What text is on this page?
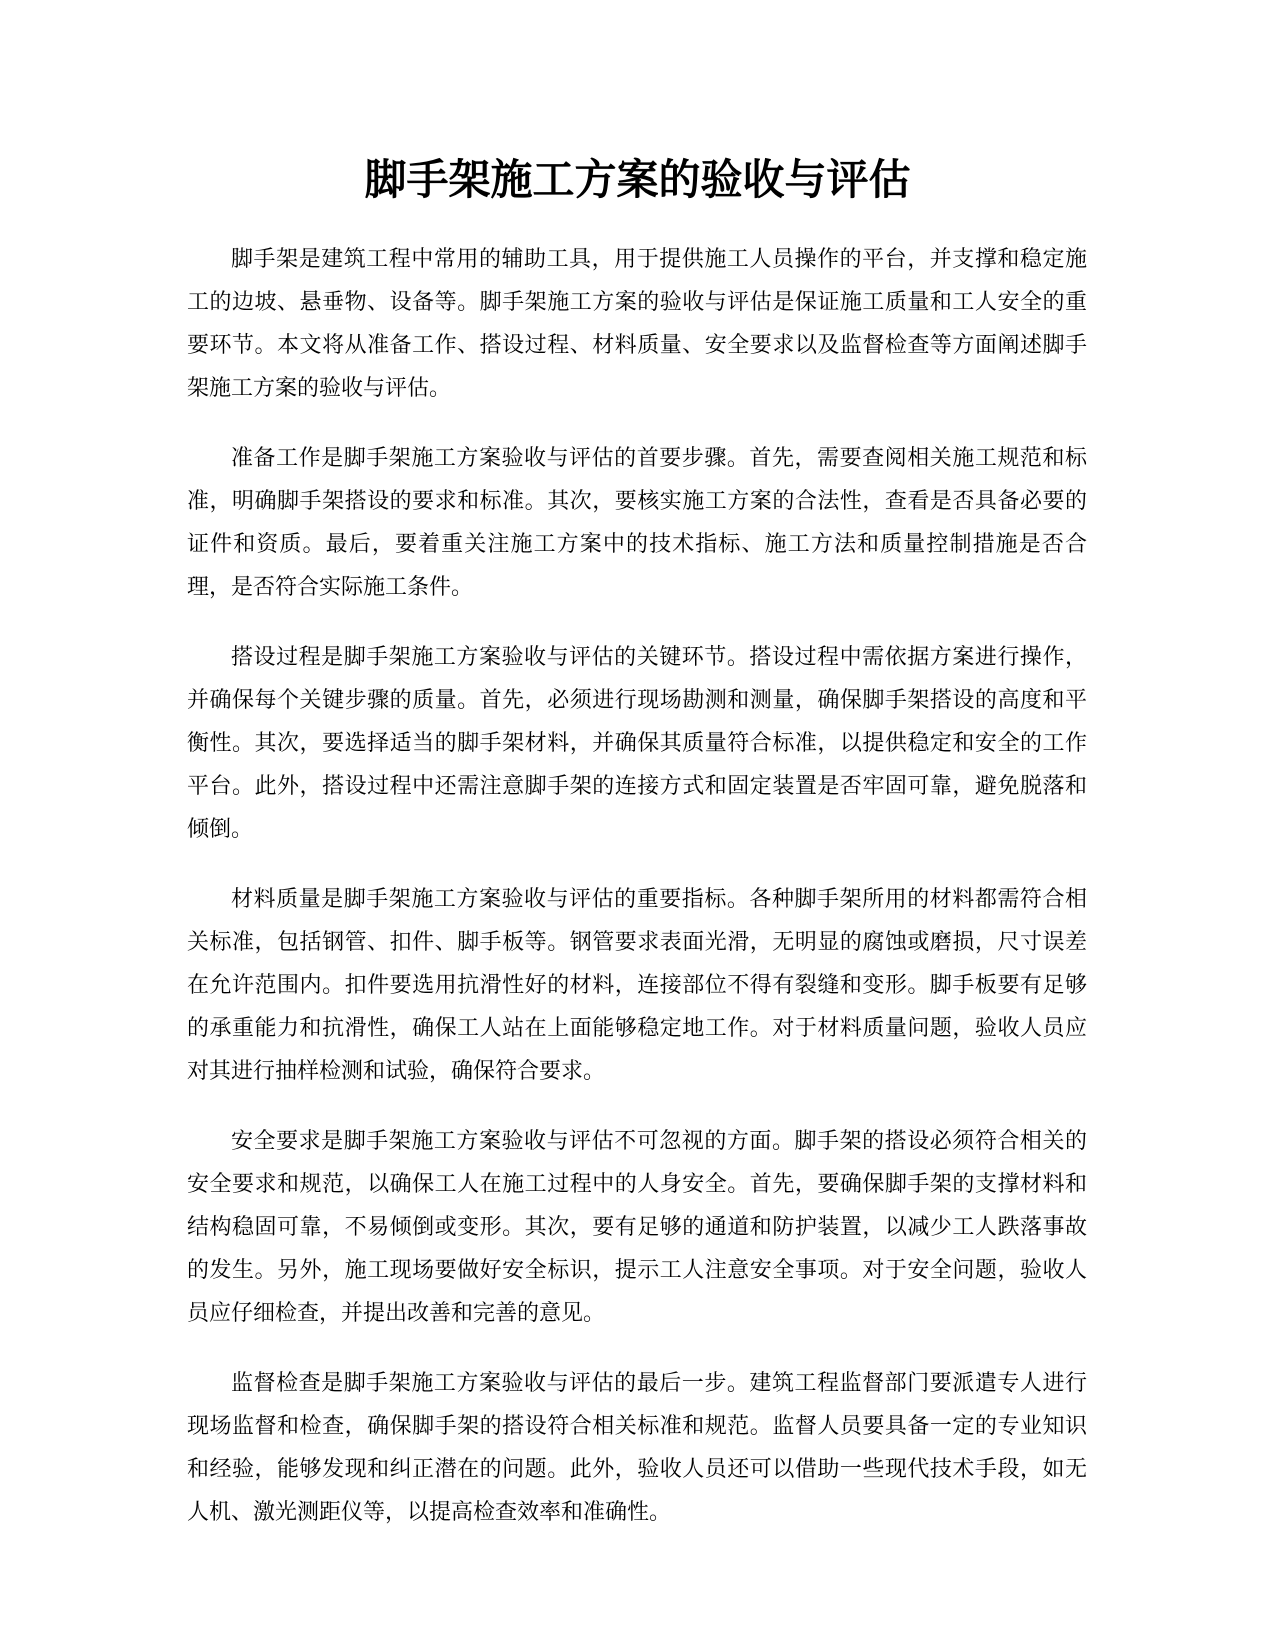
脚手架施工方案的验收与评估

脚手架是建筑工程中常用的辅助工具，用于提供施工人员操作的平台，并支撑和稳定施工的边坡、悬垂物、设备等。脚手架施工方案的验收与评估是保证施工质量和工人安全的重要环节。本文将从准备工作、搭设过程、材料质量、安全要求以及监督检查等方面阐述脚手架施工方案的验收与评估。

准备工作是脚手架施工方案验收与评估的首要步骤。首先，需要查阅相关施工规范和标准，明确脚手架搭设的要求和标准。其次，要核实施工方案的合法性，查看是否具备必要的证件和资质。最后，要着重关注施工方案中的技术指标、施工方法和质量控制措施是否合理，是否符合实际施工条件。

搭设过程是脚手架施工方案验收与评估的关键环节。搭设过程中需依据方案进行操作，并确保每个关键步骤的质量。首先，必须进行现场勘测和测量，确保脚手架搭设的高度和平衡性。其次，要选择适当的脚手架材料，并确保其质量符合标准，以提供稳定和安全的工作平台。此外，搭设过程中还需注意脚手架的连接方式和固定装置是否牢固可靠，避免脱落和倾倒。

材料质量是脚手架施工方案验收与评估的重要指标。各种脚手架所用的材料都需符合相关标准，包括钢管、扣件、脚手板等。钢管要求表面光滑，无明显的腐蚀或磨损，尺寸误差在允许范围内。扣件要选用抗滑性好的材料，连接部位不得有裂缝和变形。脚手板要有足够的承重能力和抗滑性，确保工人站在上面能够稳定地工作。对于材料质量问题，验收人员应对其进行抽样检测和试验，确保符合要求。

安全要求是脚手架施工方案验收与评估不可忽视的方面。脚手架的搭设必须符合相关的安全要求和规范，以确保工人在施工过程中的人身安全。首先，要确保脚手架的支撑材料和结构稳固可靠，不易倾倒或变形。其次，要有足够的通道和防护装置，以减少工人跌落事故的发生。另外，施工现场要做好安全标识，提示工人注意安全事项。对于安全问题，验收人员应仔细检查，并提出改善和完善的意见。

监督检查是脚手架施工方案验收与评估的最后一步。建筑工程监督部门要派遣专人进行现场监督和检查，确保脚手架的搭设符合相关标准和规范。监督人员要具备一定的专业知识和经验，能够发现和纠正潜在的问题。此外，验收人员还可以借助一些现代技术手段，如无人机、激光测距仪等，以提高检查效率和准确性。
